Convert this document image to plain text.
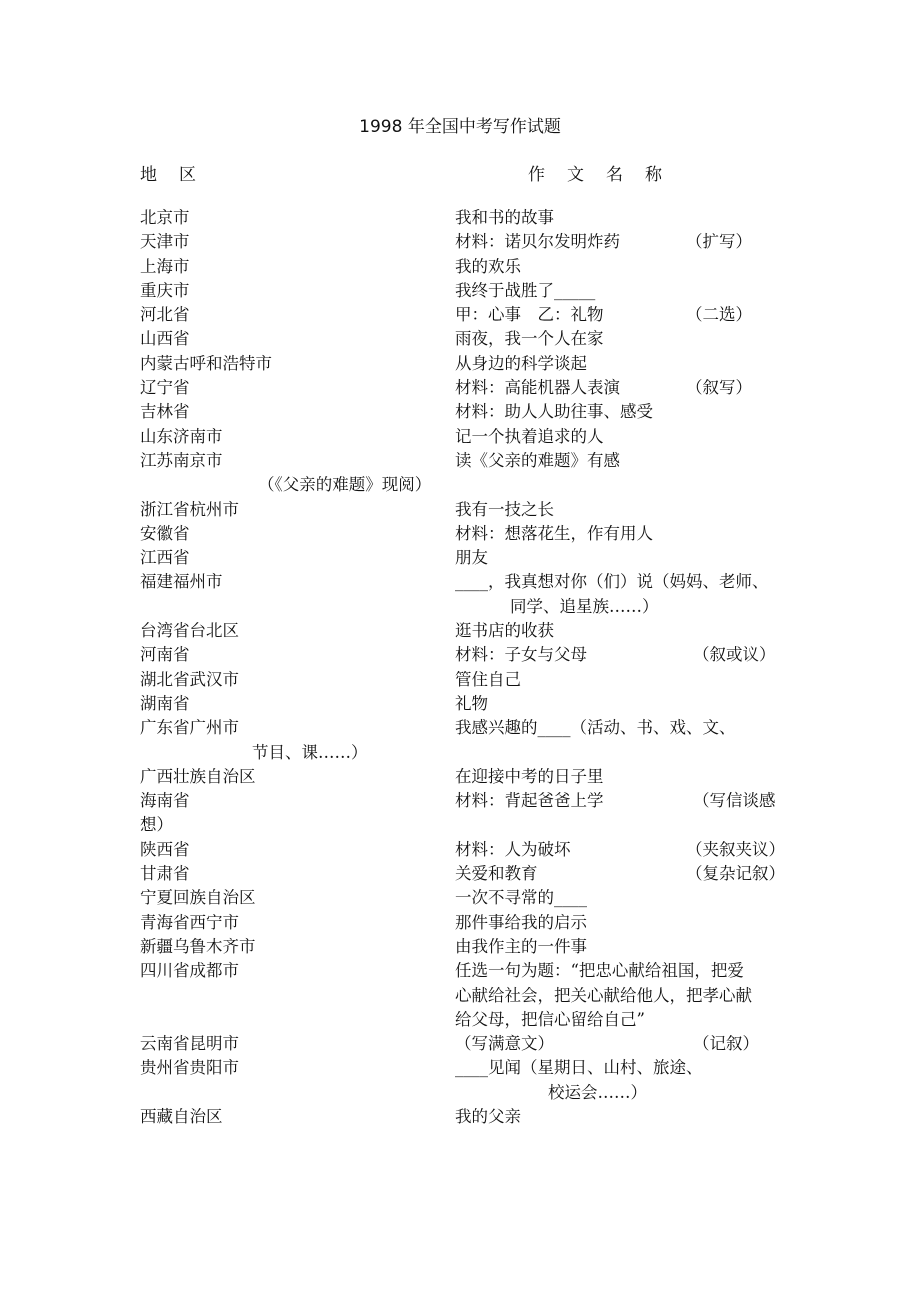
1998 年全国中考写作试题
地区	作文名称
北京市	我和书的故事
天津市	材料：诺贝尔发明炸药	（扩写）
上海市	我的欢乐
重庆市	我终于战胜了_____
河北省	甲：心事　乙：礼物	（二选）
山西省	雨夜，我一个人在家
内蒙古呼和浩特市	从身边的科学谈起
辽宁省	材料：高能机器人表演	（叙写）
吉林省	材料：助人人助往事、感受
山东济南市	记一个执着追求的人
江苏南京市	读《父亲的难题》有感
（《父亲的难题》现阅）
浙江省杭州市	我有一技之长
安徽省	材料：想落花生，作有用人
江西省	朋友
福建福州市	____，我真想对你（们）说（妈妈、老师、
同学、追星族……）
台湾省台北区	逛书店的收获
河南省	材料：子女与父母	（叙或议）
湖北省武汉市	管住自己
湖南省	礼物
广东省广州市	我感兴趣的____（活动、书、戏、文、
节目、课……）
广西壮族自治区	在迎接中考的日子里
海南省	材料：背起爸爸上学	（写信谈感
想）
陕西省	材料：人为破坏	（夹叙夹议）
甘肃省	关爱和教育	（复杂记叙）
宁夏回族自治区	一次不寻常的____
青海省西宁市	那件事给我的启示
新疆乌鲁木齐市	由我作主的一件事
四川省成都市	任选一句为题：“把忠心献给祖国，把爱
心献给社会，把关心献给他人，把孝心献
给父母，把信心留给自己”
云南省昆明市	（写满意文）	（记叙）
贵州省贵阳市	____见闻（星期日、山村、旅途、
校运会……）
西藏自治区	我的父亲
